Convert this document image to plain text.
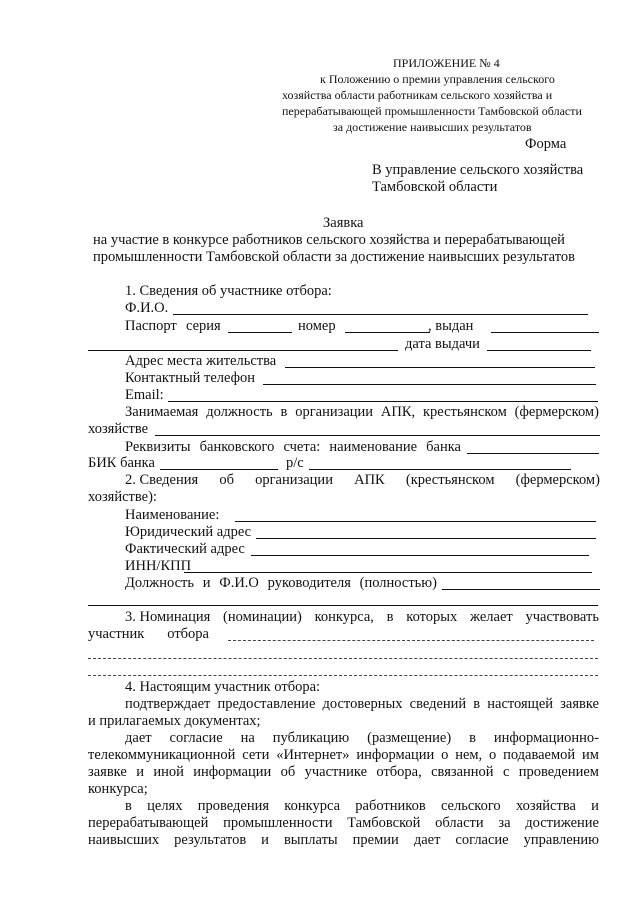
ПРИЛОЖЕНИЕ № 4
к Положению о премии управления сельского
хозяйства области работникам сельского хозяйства и
перерабатывающей промышленности Тамбовской области
за достижение наивысших результатов
Форма
В управление сельского хозяйства
Тамбовской области
Заявка
на участие в конкурсе работников сельского хозяйства и перерабатывающей
промышленности Тамбовской области за достижение наивысших результатов
1. Сведения об участнике отбора:
Ф.И.О.
Паспорт серия	номер	, выдан
дата выдачи
Адрес места жительства
Контактный телефон
Email:
Занимаемая должность в организации АПК, крестьянском (фермерском)
хозяйстве
Реквизиты банковского счета: наименование банка
БИК банка	р/с
2. Сведения об организации АПК (крестьянском (фермерском)
хозяйстве):
Наименование:
Юридический адрес
Фактический адрес
ИНН/КПП
Должность и Ф.И.О руководителя (полностью)
3. Номинация (номинации) конкурса, в которых желает участвовать
участник отбора
4. Настоящим участник отбора:
подтверждает предоставление достоверных сведений в настоящей заявке
и прилагаемых документах;
дает согласие на публикацию (размещение) в информационно-
телекоммуникационной сети «Интернет» информации о нем, о подаваемой им
заявке и иной информации об участнике отбора, связанной с проведением
конкурса;
в целях проведения конкурса работников сельского хозяйства и
перерабатывающей промышленности Тамбовской области за достижение
наивысших результатов и выплаты премии дает согласие управлению
